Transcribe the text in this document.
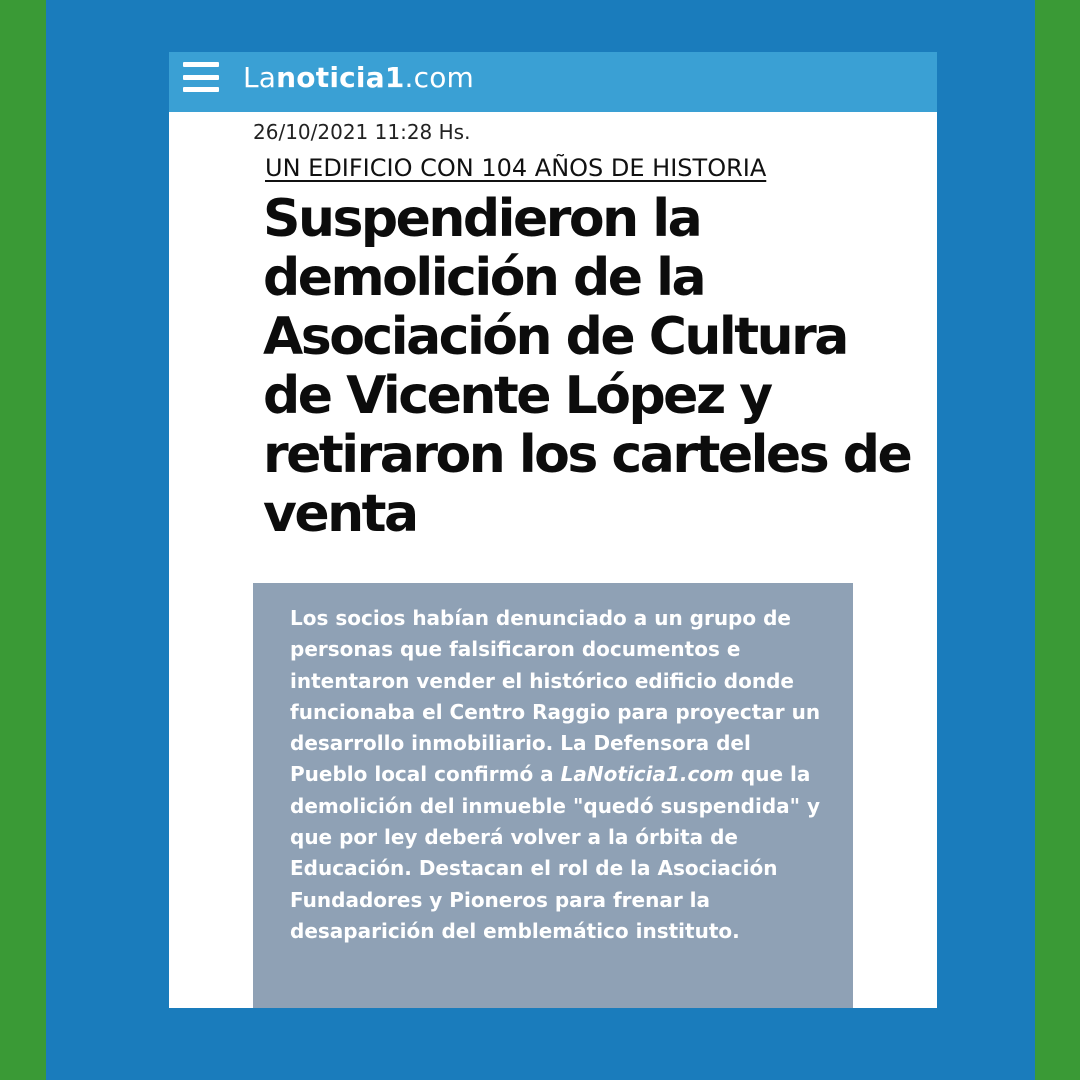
Lanoticia1.com
26/10/2021 11:28 Hs.
UN EDIFICIO CON 104 AÑOS DE HISTORIA
Suspendieron la demolición de la Asociación de Cultura de Vicente López y retiraron los carteles de venta
Los socios habían denunciado a un grupo de personas que falsificaron documentos e intentaron vender el histórico edificio donde funcionaba el Centro Raggio para proyectar un desarrollo inmobiliario. La Defensora del Pueblo local confirmó a LaNoticia1.com que la demolición del inmueble "quedó suspendida" y que por ley deberá volver a la órbita de Educación. Destacan el rol de la Asociación Fundadores y Pioneros para frenar la desaparición del emblemático instituto.
